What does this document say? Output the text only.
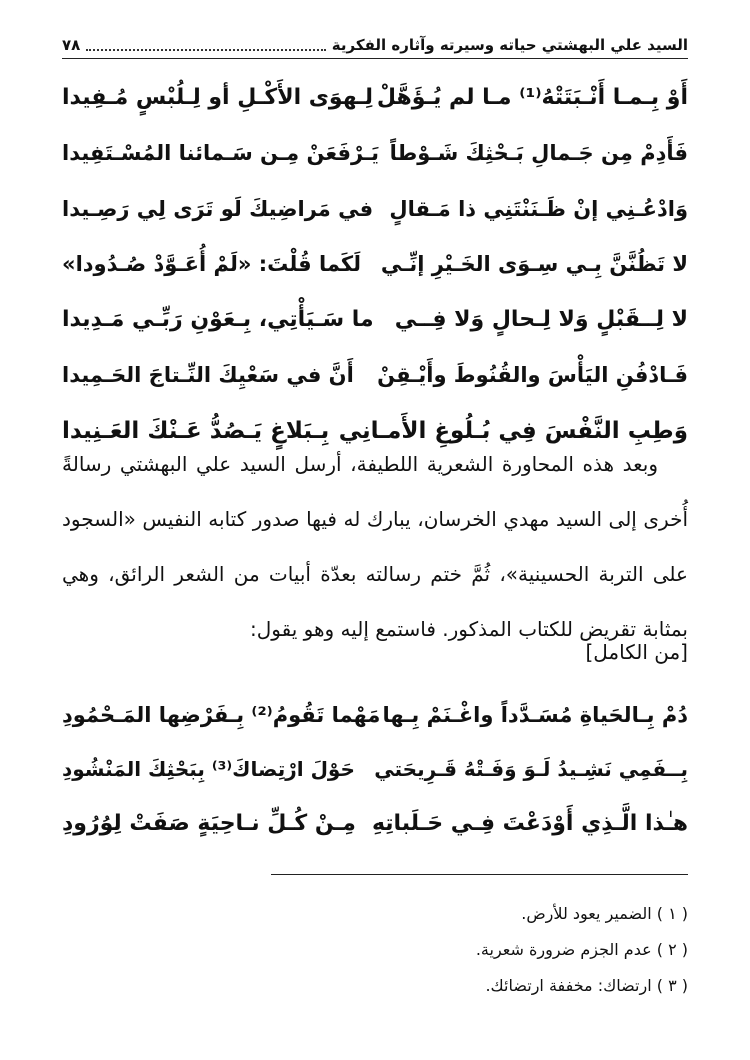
السيد علي البهشتي حياته وسيرته وآثاره الفكرية
٧٨
أَوْ بِـمـا أَنْـبَتَتْهُ⁽¹⁾ مـا لم يُـؤَهَّلْ
لِـهوَى الأَكْـلِ أو لِـلُبْسٍ مُـفِيدا
فَأَدِمْ مِن جَـمالِ بَـحْثِكَ شَـوْطاً
يَـرْفَعَنْ مِـن سَـمائنا المُسْـتَفِيدا
وَادْعُـنِي إنْ ظَـنَنْتَنِي ذا مَـقالٍ
في مَراضِيكَ لَو تَرَى لِي رَصِـيدا
لا تَظُنَّنَّ بِـي سِـوَى الخَـيْرِ إنِّـي
لَكَما قُلْتَ: «لَمْ أُعَـوَّدْ صُـدُودا»
لا لِــقَبْلٍ وَلا لِـحالٍ وَلا فِــي
ما سَـيَأْتِي، بِـعَوْنِ رَبِّـي مَـدِيدا
فَـادْفُنِ اليَأْسَ والقُنُوطَ وأَيْـقِنْ
أَنَّ في سَعْيِكَ النِّـتاجَ الحَـمِيدا
وَطِبِ النَّفْسَ فِي بُـلُوغِ الأَمـانِي
بِـبَلاغٍ يَـصُدُّ عَـنْكَ العَـنِيدا

وبعد هذه المحاورة الشعرية اللطيفة، أرسل السيد علي البهشتي رسالةً أُخرى إلى السيد مهدي الخرسان، يبارك له فيها صدور كتابه النفيس «السجود على التربة الحسينية»، ثُمَّ ختم رسالته بعدّة أبيات من الشعر الرائق، وهي بمثابة تقريض للكتاب المذكور. فاستمع إليه وهو يقول:

[من الكامل]
دُمْ بِـالحَياةِ مُسَـدَّداً واغْـنَمْ بِـها
مَهْما تَقُومُ⁽²⁾ بِـفَرْضِها المَـحْمُودِ
بِــفَمِي نَشِـيدُ لَـوَ وَفَـتْهُ قَـرِيحَتي
حَوْلَ ارْتِضاكَ⁽³⁾ بِبَحْثِكَ المَنْشُودِ
هـٰذا الَّـذِي أَوْدَعْتَ فِـي حَـلَباتِهِ
مِـنْ كُـلِّ نـاحِيَةٍ صَفَتْ لِوُرُودِ
( ١ ) الضمير يعود للأرض.
( ٢ ) عدم الجزم ضرورة شعرية.
( ٣ ) ارتضاك: مخففة ارتضائك.
